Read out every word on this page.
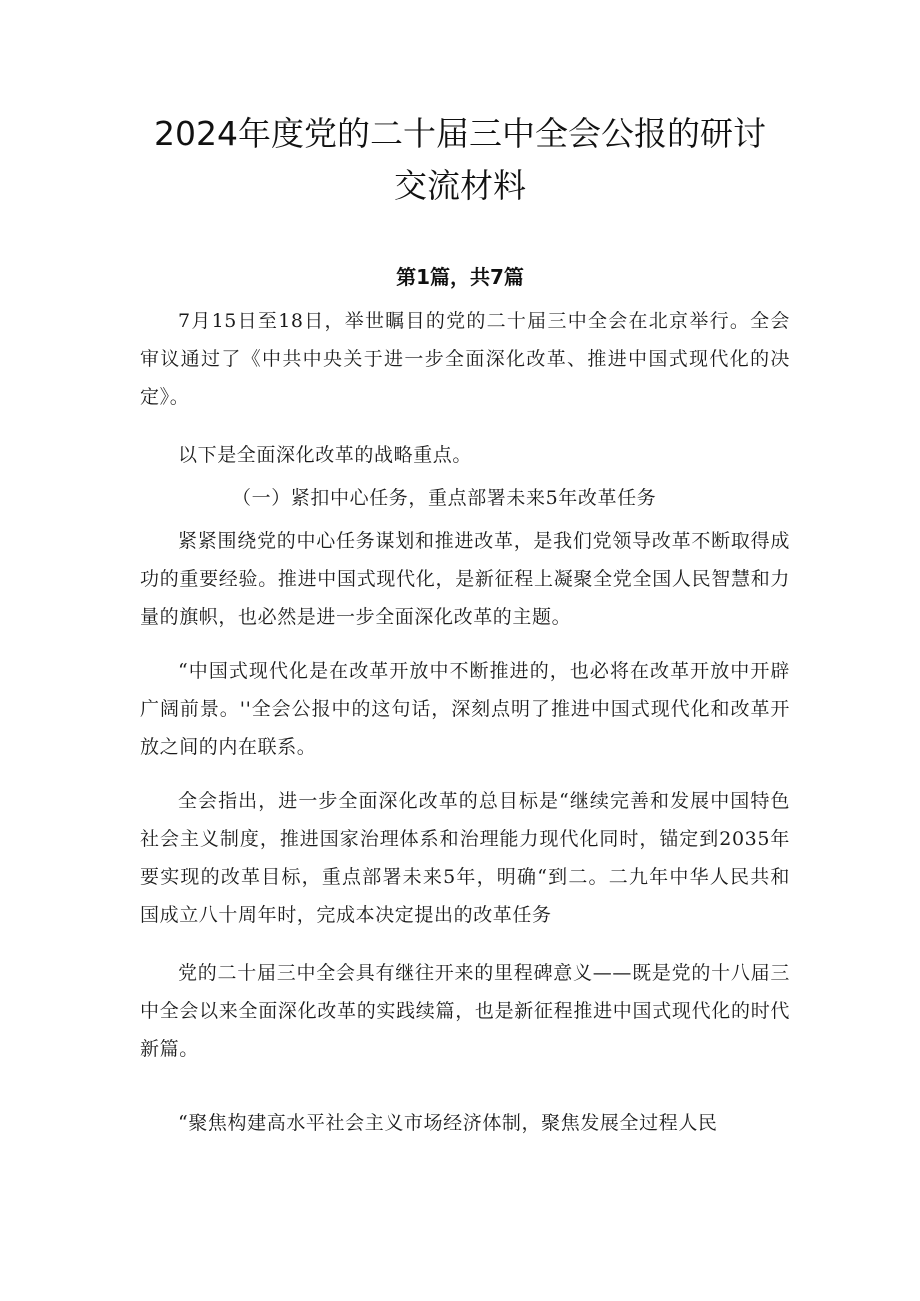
2024年度党的二十届三中全会公报的研讨
交流材料
第1篇，共7篇

7月15日至18日，举世瞩目的党的二十届三中全会在北京举行。全会审议通过了《中共中央关于进一步全面深化改革、推进中国式现代化的决定》。

以下是全面深化改革的战略重点。

（一）紧扣中心任务，重点部署未来5年改革任务

紧紧围绕党的中心任务谋划和推进改革，是我们党领导改革不断取得成功的重要经验。推进中国式现代化，是新征程上凝聚全党全国人民智慧和力量的旗帜，也必然是进一步全面深化改革的主题。

“中国式现代化是在改革开放中不断推进的，也必将在改革开放中开辟广阔前景。''全会公报中的这句话，深刻点明了推进中国式现代化和改革开放之间的内在联系。

全会指出，进一步全面深化改革的总目标是“继续完善和发展中国特色社会主义制度，推进国家治理体系和治理能力现代化同时，锚定到2035年要实现的改革目标，重点部署未来5年，明确“到二。二九年中华人民共和国成立八十周年时，完成本决定提出的改革任务

党的二十届三中全会具有继往开来的里程碑意义——既是党的十八届三中全会以来全面深化改革的实践续篇，也是新征程推进中国式现代化的时代新篇。

“聚焦构建高水平社会主义市场经济体制，聚焦发展全过程人民
